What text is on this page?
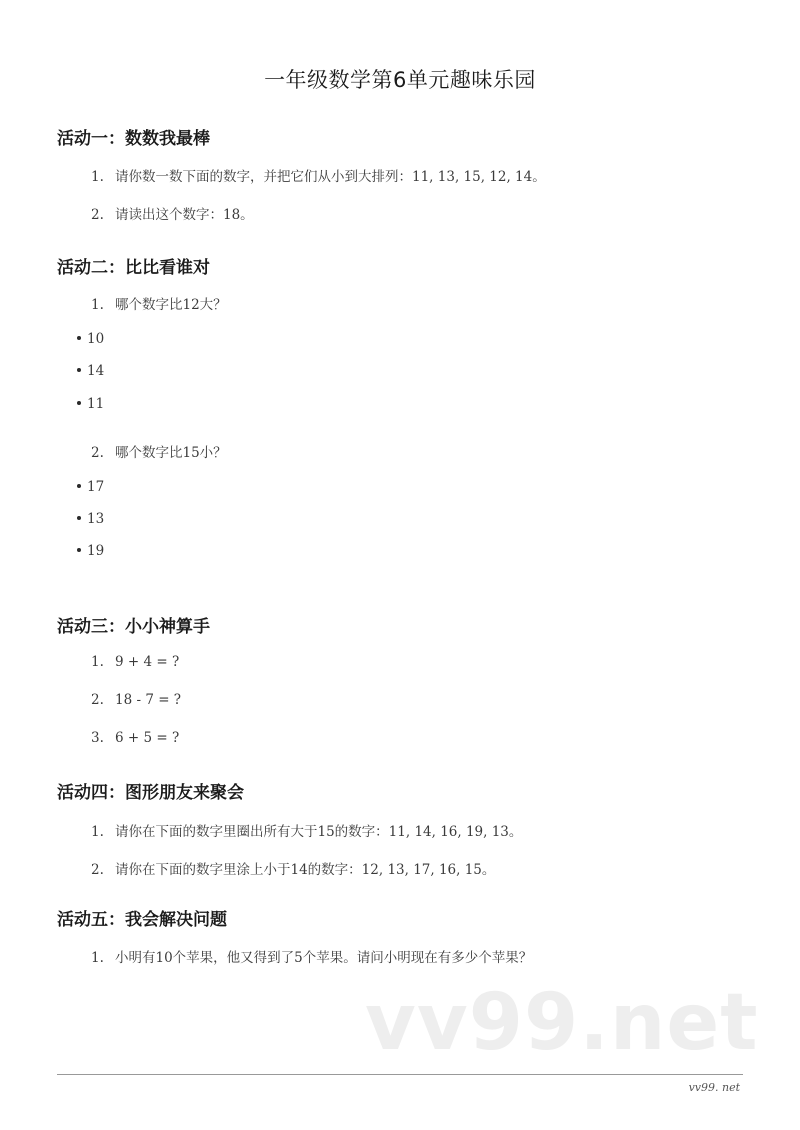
一年级数学第6单元趣味乐园
活动一：数数我最棒
1. 请你数一数下面的数字，并把它们从小到大排列：11, 13, 15, 12, 14。
2. 请读出这个数字：18。
活动二：比比看谁对
1. 哪个数字比12大？
10
14
11
2. 哪个数字比15小？
17
13
19
活动三：小小神算手
1. 9 + 4 = ?
2. 18 - 7 = ?
3. 6 + 5 = ?
活动四：图形朋友来聚会
1. 请你在下面的数字里圈出所有大于15的数字：11, 14, 16, 19, 13。
2. 请你在下面的数字里涂上小于14的数字：12, 13, 17, 16, 15。
活动五：我会解决问题
1. 小明有10个苹果，他又得到了5个苹果。请问小明现在有多少个苹果？
vv99.net
vv99. net
